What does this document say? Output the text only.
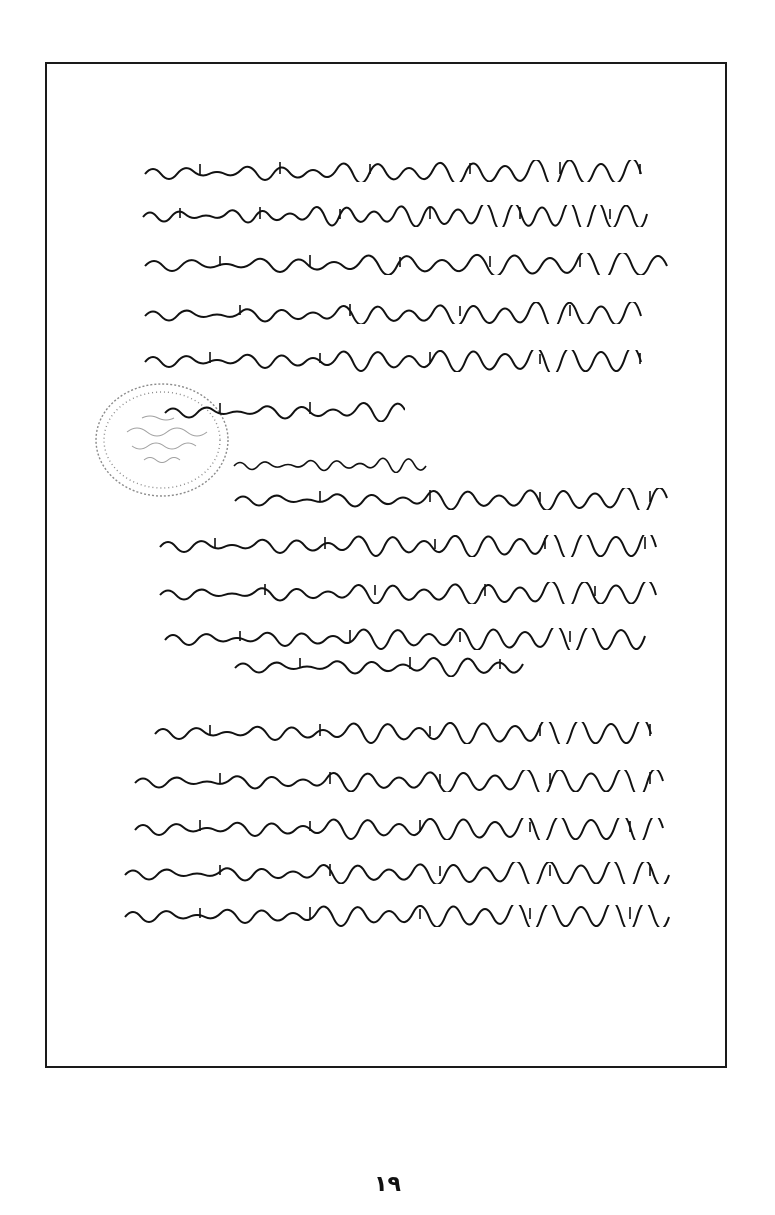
١٩
